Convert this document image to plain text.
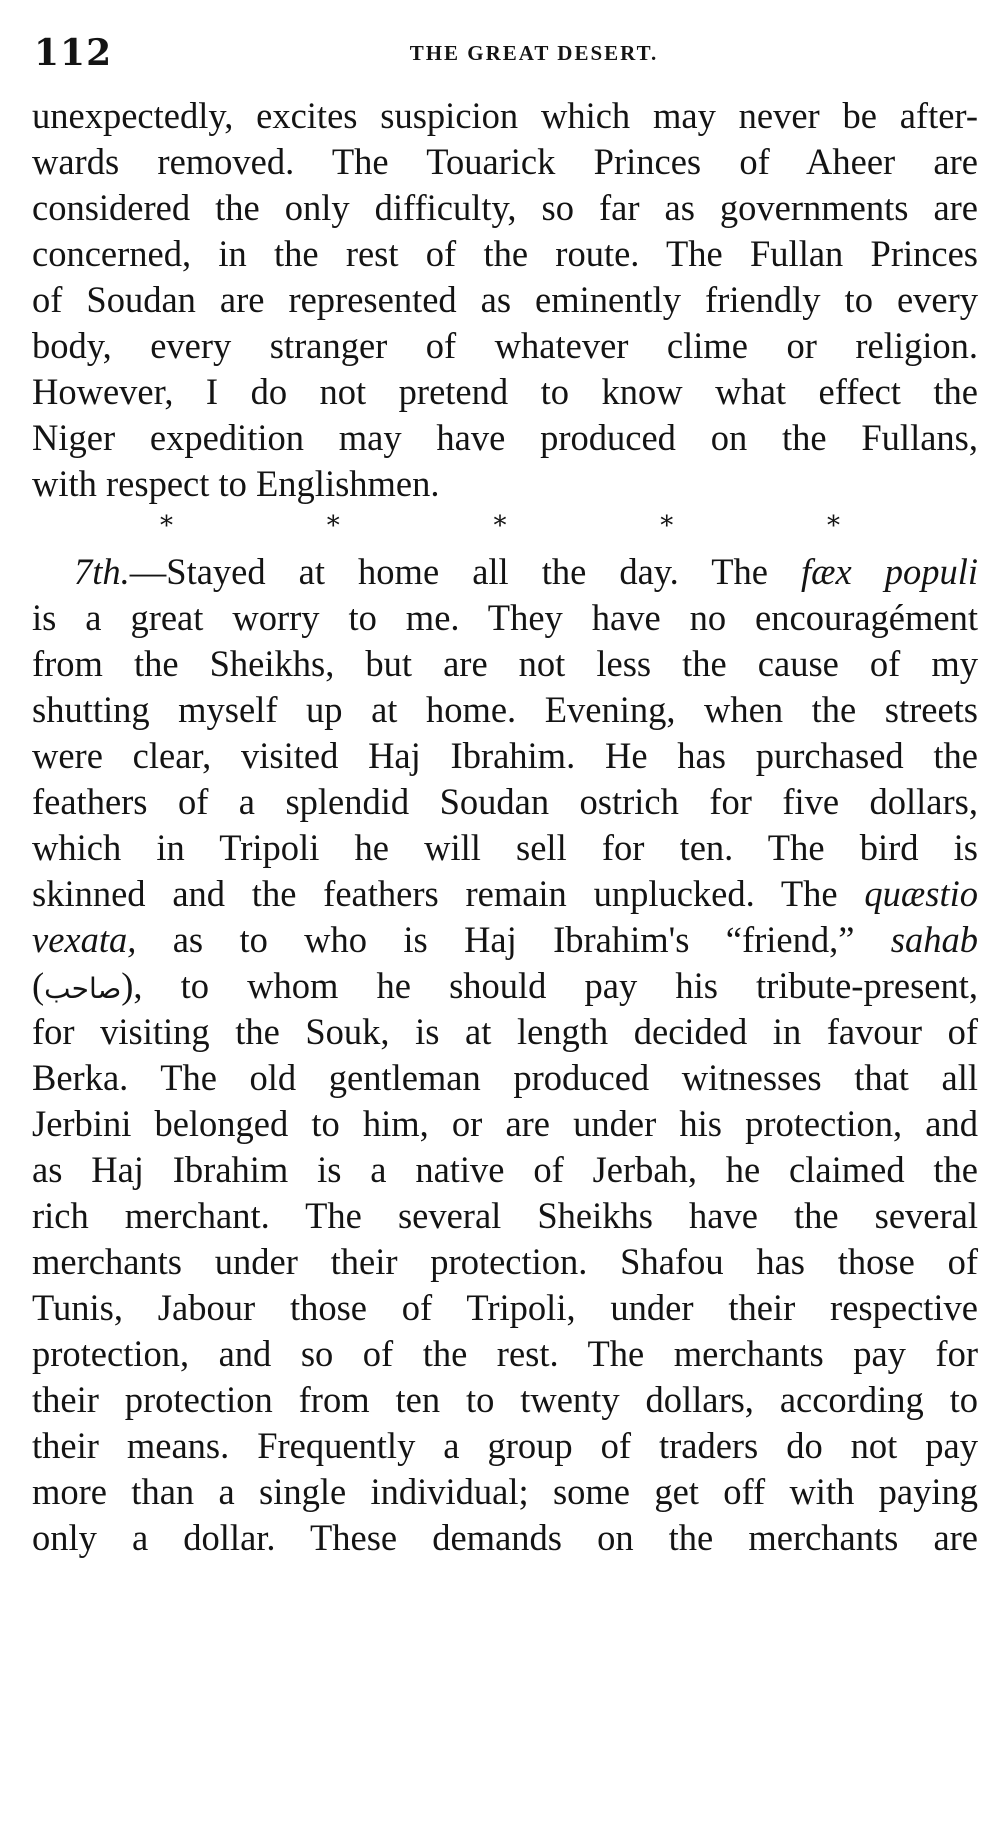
112	THE GREAT DESERT.
unexpectedly, excites suspicion which may never be after-
wards removed. The Touarick Princes of Aheer are
considered the only difficulty, so far as governments are
concerned, in the rest of the route. The Fullan Princes
of Soudan are represented as eminently friendly to every
body, every stranger of whatever clime or religion.
However, I do not pretend to know what effect the
Niger expedition may have produced on the Fullans,
with respect to Englishmen.
*	*	*	*	*
7th.—Stayed at home all the day. The fæx populi
is a great worry to me. They have no encouragément
from the Sheikhs, but are not less the cause of my
shutting myself up at home. Evening, when the streets
were clear, visited Haj Ibrahim. He has purchased the
feathers of a splendid Soudan ostrich for five dollars,
which in Tripoli he will sell for ten. The bird is
skinned and the feathers remain unplucked. The quæstio
vexata, as to who is Haj Ibrahim's “friend,” sahab
(صاحب), to whom he should pay his tribute-present,
for visiting the Souk, is at length decided in favour of
Berka. The old gentleman produced witnesses that all
Jerbini belonged to him, or are under his protection, and
as Haj Ibrahim is a native of Jerbah, he claimed the
rich merchant. The several Sheikhs have the several
merchants under their protection. Shafou has those of
Tunis, Jabour those of Tripoli, under their respective
protection, and so of the rest. The merchants pay for
their protection from ten to twenty dollars, according to
their means. Frequently a group of traders do not pay
more than a single individual; some get off with paying
only a dollar. These demands on the merchants are
